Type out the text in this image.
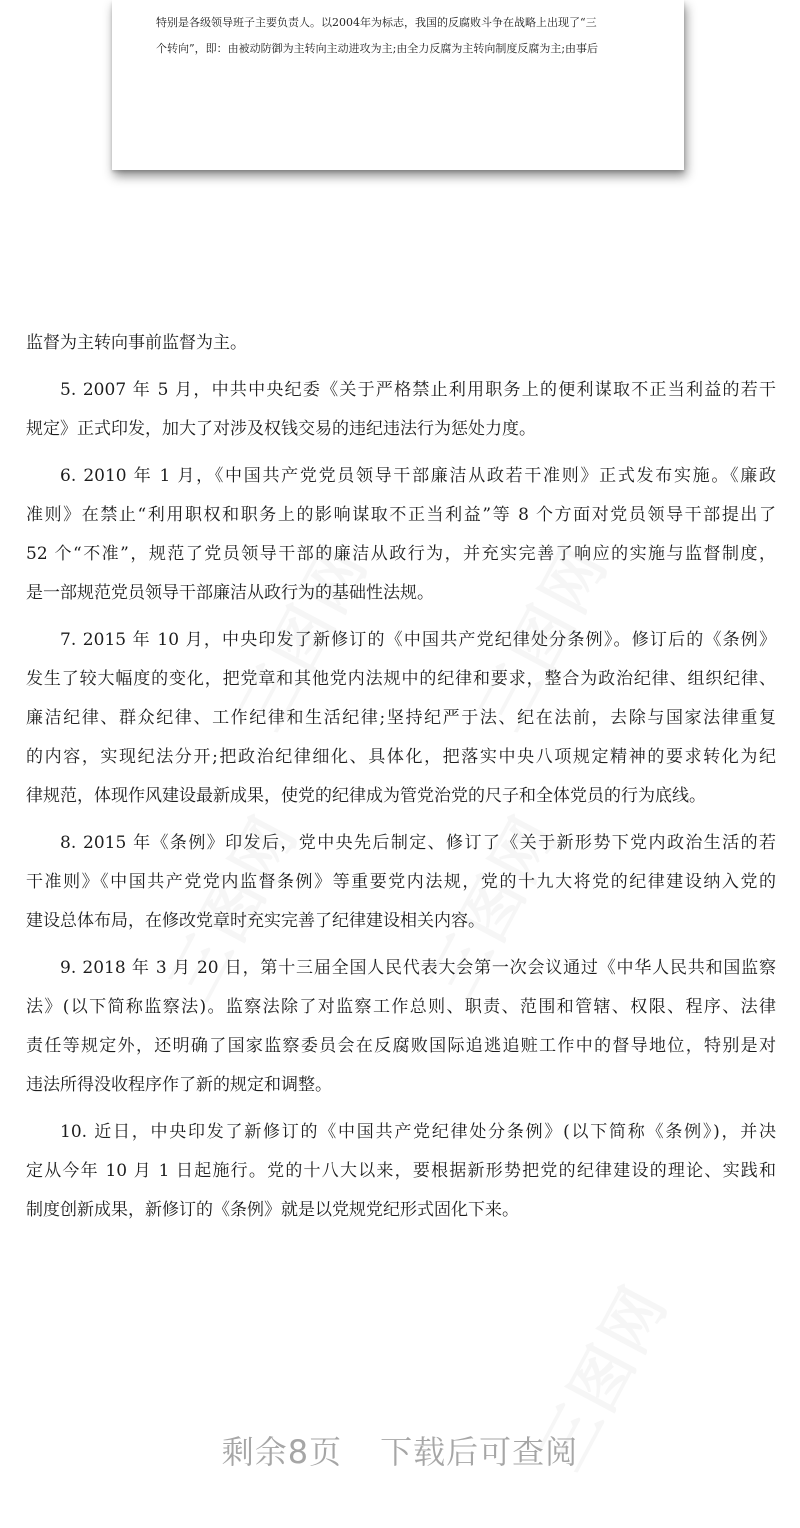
特别是各级领导班子主要负责人。以2004年为标志，我国的反腐败斗争在战略上出现了“三
个转向”，即：由被动防御为主转向主动进攻为主;由全力反腐为主转向制度反腐为主;由事后
监督为主转向事前监督为主。
5. 2007 年 5 月，中共中央纪委《关于严格禁止利用职务上的便利谋取不正当利益的若干
规定》正式印发，加大了对涉及权钱交易的违纪违法行为惩处力度。
6. 2010 年 1 月，《中国共产党党员领导干部廉洁从政若干准则》正式发布实施。《廉政
准则》在禁止“利用职权和职务上的影响谋取不正当利益”等 8 个方面对党员领导干部提出了
52 个“不准”，规范了党员领导干部的廉洁从政行为，并充实完善了响应的实施与监督制度，
是一部规范党员领导干部廉洁从政行为的基础性法规。
7. 2015 年 10 月，中央印发了新修订的《中国共产党纪律处分条例》。修订后的《条例》
发生了较大幅度的变化，把党章和其他党内法规中的纪律和要求，整合为政治纪律、组织纪律、
廉洁纪律、群众纪律、工作纪律和生活纪律;坚持纪严于法、纪在法前，去除与国家法律重复
的内容，实现纪法分开;把政治纪律细化、具体化，把落实中央八项规定精神的要求转化为纪
律规范，体现作风建设最新成果，使党的纪律成为管党治党的尺子和全体党员的行为底线。
8. 2015 年《条例》印发后，党中央先后制定、修订了《关于新形势下党内政治生活的若
干准则》《中国共产党党内监督条例》等重要党内法规，党的十九大将党的纪律建设纳入党的
建设总体布局，在修改党章时充实完善了纪律建设相关内容。
9. 2018 年 3 月 20 日，第十三届全国人民代表大会第一次会议通过《中华人民共和国监察
法》(以下简称监察法)。监察法除了对监察工作总则、职责、范围和管辖、权限、程序、法律
责任等规定外，还明确了国家监察委员会在反腐败国际追逃追赃工作中的督导地位，特别是对
违法所得没收程序作了新的规定和调整。
10. 近日，中央印发了新修订的《中国共产党纪律处分条例》(以下简称《条例》)，并决
定从今年 10 月 1 日起施行。党的十八大以来，要根据新形势把党的纪律建设的理论、实践和
制度创新成果，新修订的《条例》就是以党规党纪形式固化下来。
剩余8页 下载后可查阅
